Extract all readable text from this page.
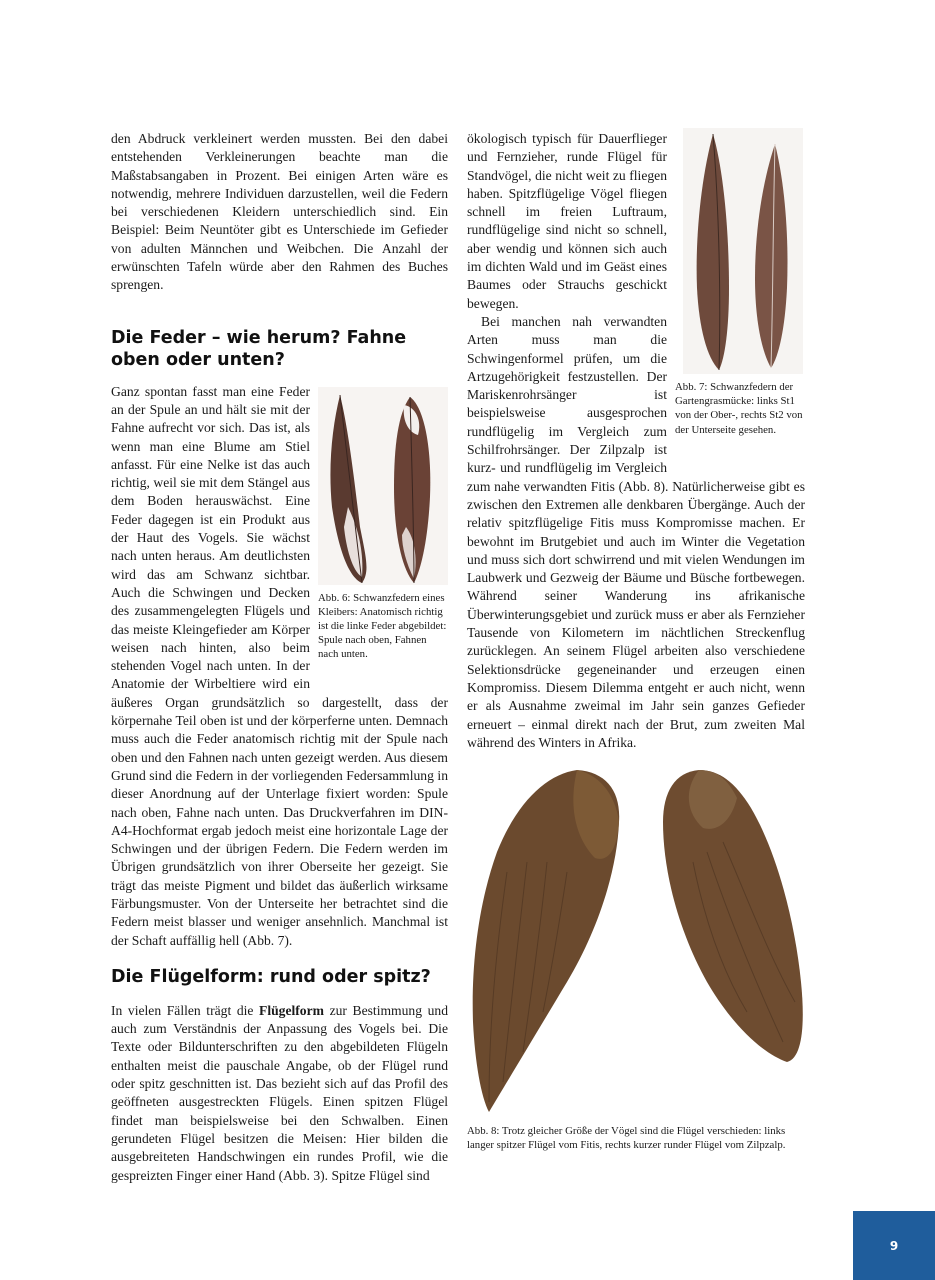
den Abdruck verkleinert werden mussten. Bei den dabei entstehenden Verkleinerungen beachte man die Maßstabsangaben in Prozent. Bei einigen Arten wäre es notwendig, mehrere Individuen darzustellen, weil die Federn bei verschiedenen Kleidern unterschiedlich sind. Ein Beispiel: Beim Neuntöter gibt es Unterschiede im Gefieder von adulten Männchen und Weibchen. Die Anzahl der erwünschten Tafeln würde aber den Rahmen des Buches sprengen.

Die Feder – wie herum? Fahne oben oder unten?
Abb. 6: Schwanzfedern eines Kleibers: Anatomisch richtig ist die linke Feder abgebildet: Spule nach oben, Fahnen nach unten.

Ganz spontan fasst man eine Feder an der Spule an und hält sie mit der Fahne aufrecht vor sich. Das ist, als wenn man eine Blume am Stiel anfasst. Für eine Nelke ist das auch richtig, weil sie mit dem Stängel aus dem Boden herauswächst. Eine Feder dagegen ist ein Produkt aus der Haut des Vogels. Sie wächst nach unten heraus. Am deutlichsten wird das am Schwanz sichtbar. Auch die Schwingen und Decken des zusammengelegten Flügels und das meiste Kleingefieder am Körper weisen nach hinten, also beim stehenden Vogel nach unten. In der Anatomie der Wirbeltiere wird ein äußeres Organ grundsätzlich so dargestellt, dass der körpernahe Teil oben ist und der körperferne unten. Demnach muss auch die Feder anatomisch richtig mit der Spule nach oben und den Fahnen nach unten gezeigt werden. Aus diesem Grund sind die Federn in der vorliegenden Federsammlung in dieser Anordnung auf der Unterlage fixiert worden: Spule nach oben, Fahne nach unten. Das Druckverfahren im DIN-A4-Hochformat ergab jedoch meist eine horizontale Lage der Schwingen und der übrigen Federn. Die Federn werden im Übrigen grundsätzlich von ihrer Oberseite her gezeigt. Sie trägt das meiste Pigment und bildet das äußerlich wirksame Färbungsmuster. Von der Unterseite her betrachtet sind die Federn meist blasser und weniger ansehnlich. Manchmal ist der Schaft auffällig hell (Abb. 7).

Die Flügelform: rund oder spitz?

In vielen Fällen trägt die Flügelform zur Bestimmung und auch zum Verständnis der Anpassung des Vogels bei. Die Texte oder Bildunterschriften zu den abgebildeten Flügeln enthalten meist die pauschale Angabe, ob der Flügel rund oder spitz geschnitten ist. Das bezieht sich auf das Profil des geöffneten ausgestreckten Flügels. Einen spitzen Flügel findet man beispielsweise bei den Schwalben. Einen gerundeten Flügel besitzen die Meisen: Hier bilden die ausgebreiteten Handschwingen ein rundes Profil, wie die gespreizten Finger einer Hand (Abb. 3). Spitze Flügel sind

Abb. 7: Schwanzfedern der Gartengrasmücke: links St1 von der Ober-, rechts St2 von der Unterseite gesehen.

ökologisch typisch für Dauerflieger und Fernzieher, runde Flügel für Standvögel, die nicht weit zu fliegen haben. Spitzflügelige Vögel fliegen schnell im freien Luftraum, rundflügelige sind nicht so schnell, aber wendig und können sich auch im dichten Wald und im Geäst eines Baumes oder Strauchs geschickt bewegen.

Bei manchen nah verwandten Arten muss man die Schwingenformel prüfen, um die Artzugehörigkeit festzustellen. Der Mariskenrohrsänger ist beispielsweise ausgesprochen rundflügelig im Vergleich zum Schilfrohrsänger. Der Zilpzalp ist kurz- und rundflügelig im Vergleich zum nahe verwandten Fitis (Abb. 8). Natürlicherweise gibt es zwischen den Extremen alle denkbaren Übergänge. Auch der relativ spitzflügelige Fitis muss Kompromisse machen. Er bewohnt im Brutgebiet und auch im Winter die Vegetation und muss sich dort schwirrend und mit vielen Wendungen im Laubwerk und Gezweig der Bäume und Büsche fortbewegen. Während seiner Wanderung ins afrikanische Überwinterungsgebiet und zurück muss er aber als Fernzieher Tausende von Kilometern im nächtlichen Streckenflug zurücklegen. An seinem Flügel arbeiten also verschiedene Selektionsdrücke gegeneinander und erzeugen einen Kompromiss. Diesem Dilemma entgeht er auch nicht, wenn er als Ausnahme zweimal im Jahr sein ganzes Gefieder erneuert – einmal direkt nach der Brut, zum zweiten Mal während des Winters in Afrika.

Abb. 8: Trotz gleicher Größe der Vögel sind die Flügel verschieden: links langer spitzer Flügel vom Fitis, rechts kurzer runder Flügel vom Zilpzalp.
9
